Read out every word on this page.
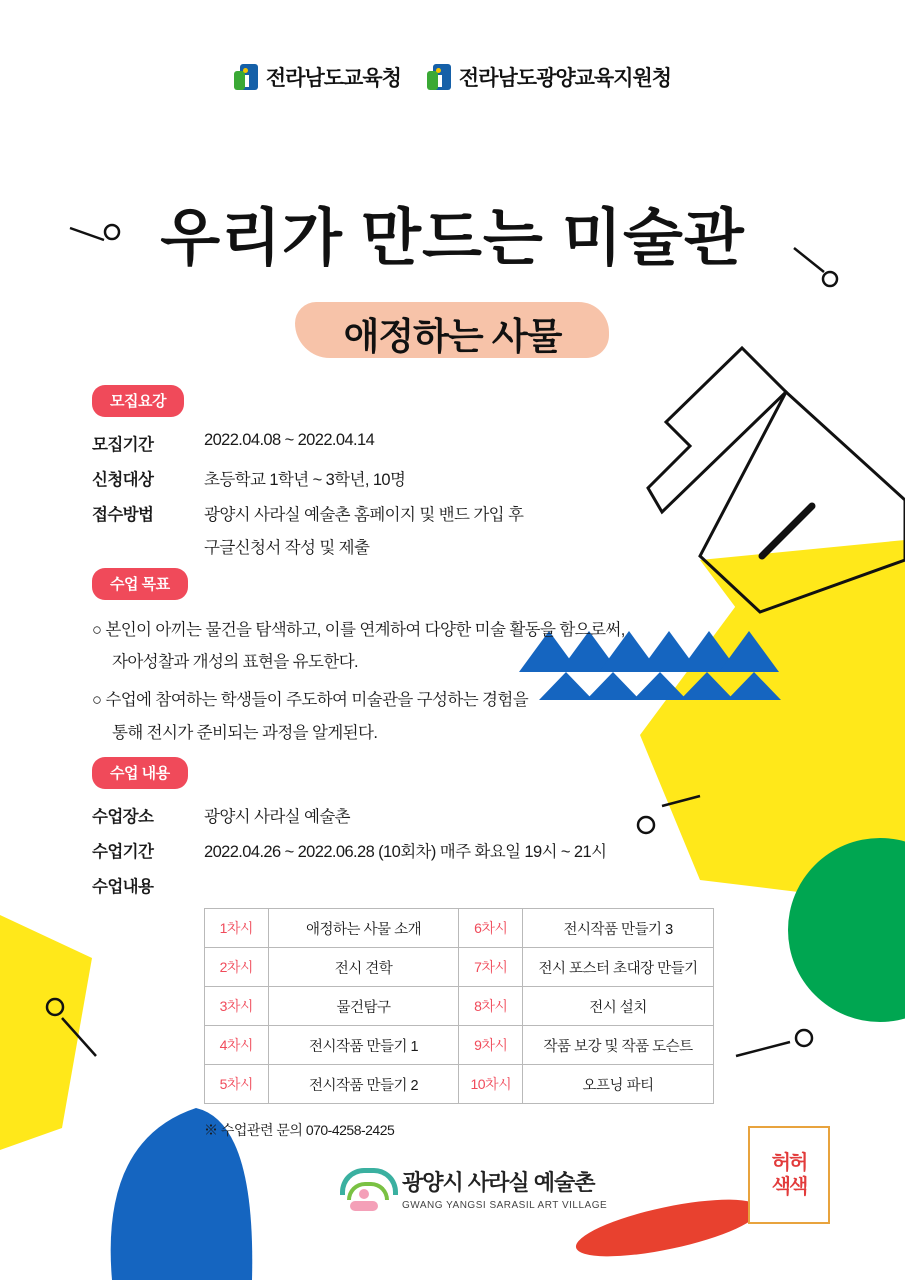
전라남도교육청	전라남도광양교육지원청
우리가 만드는 미술관
애정하는 사물
모집요강
모집기간	2022.04.08 ~ 2022.04.14
신청대상	초등학교 1학년 ~ 3학년, 10명
접수방법	광양시 사라실 예술촌 홈페이지 및 밴드 가입 후
구글신청서 작성 및 제출
수업 목표
○ 본인이 아끼는 물건을 탐색하고, 이를 연계하여 다양한 미술 활동을 함으로써,
자아성찰과 개성의 표현을 유도한다.
○ 수업에 참여하는 학생들이 주도하여 미술관을 구성하는 경험을
통해 전시가 준비되는 과정을 알게된다.
수업 내용
수업장소	광양시 사라실 예술촌
수업기간	2022.04.26 ~ 2022.06.28 (10회차) 매주 화요일 19시 ~ 21시
수업내용
1차시	애정하는 사물 소개	6차시	전시작품 만들기 3
2차시	전시 견학	7차시	전시 포스터 초대장 만들기
3차시	물건탐구	8차시	전시 설치
4차시	전시작품 만들기 1	9차시	작품 보강 및 작품 도슨트
5차시	전시작품 만들기 2	10차시	오프닝 파티
※ 수업관련 문의 070-4258-2425
광양시 사라실 예술촌
GWANG YANGSI SARASIL ART VILLAGE
허허
색색
